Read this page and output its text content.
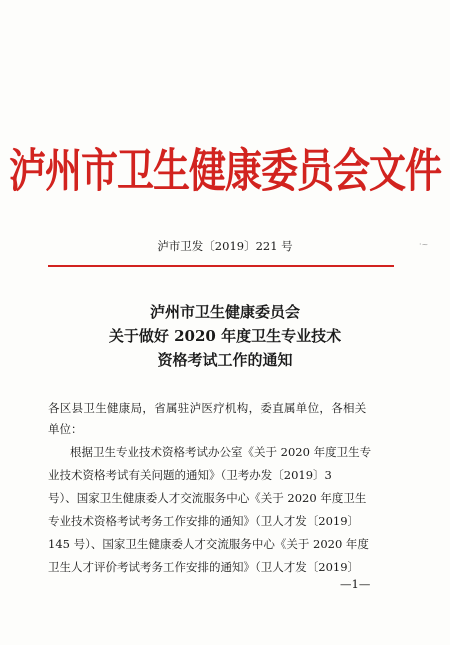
泸州市卫生健康委员会文件
泸市卫发〔2019〕221 号	·~
泸州市卫生健康委员会
关于做好 2020 年度卫生专业技术
资格考试工作的通知
各区县卫生健康局，省属驻泸医疗机构，委直属单位，各相关
单位：
根据卫生专业技术资格考试办公室《关于 2020 年度卫生专
业技术资格考试有关问题的通知》（卫考办发〔2019〕3
号）、国家卫生健康委人才交流服务中心《关于 2020 年度卫生
专业技术资格考试考务工作安排的通知》（卫人才发〔2019〕
145 号）、国家卫生健康委人才交流服务中心《关于 2020 年度
卫生人才评价考试考务工作安排的通知》（卫人才发〔2019〕
—1—
